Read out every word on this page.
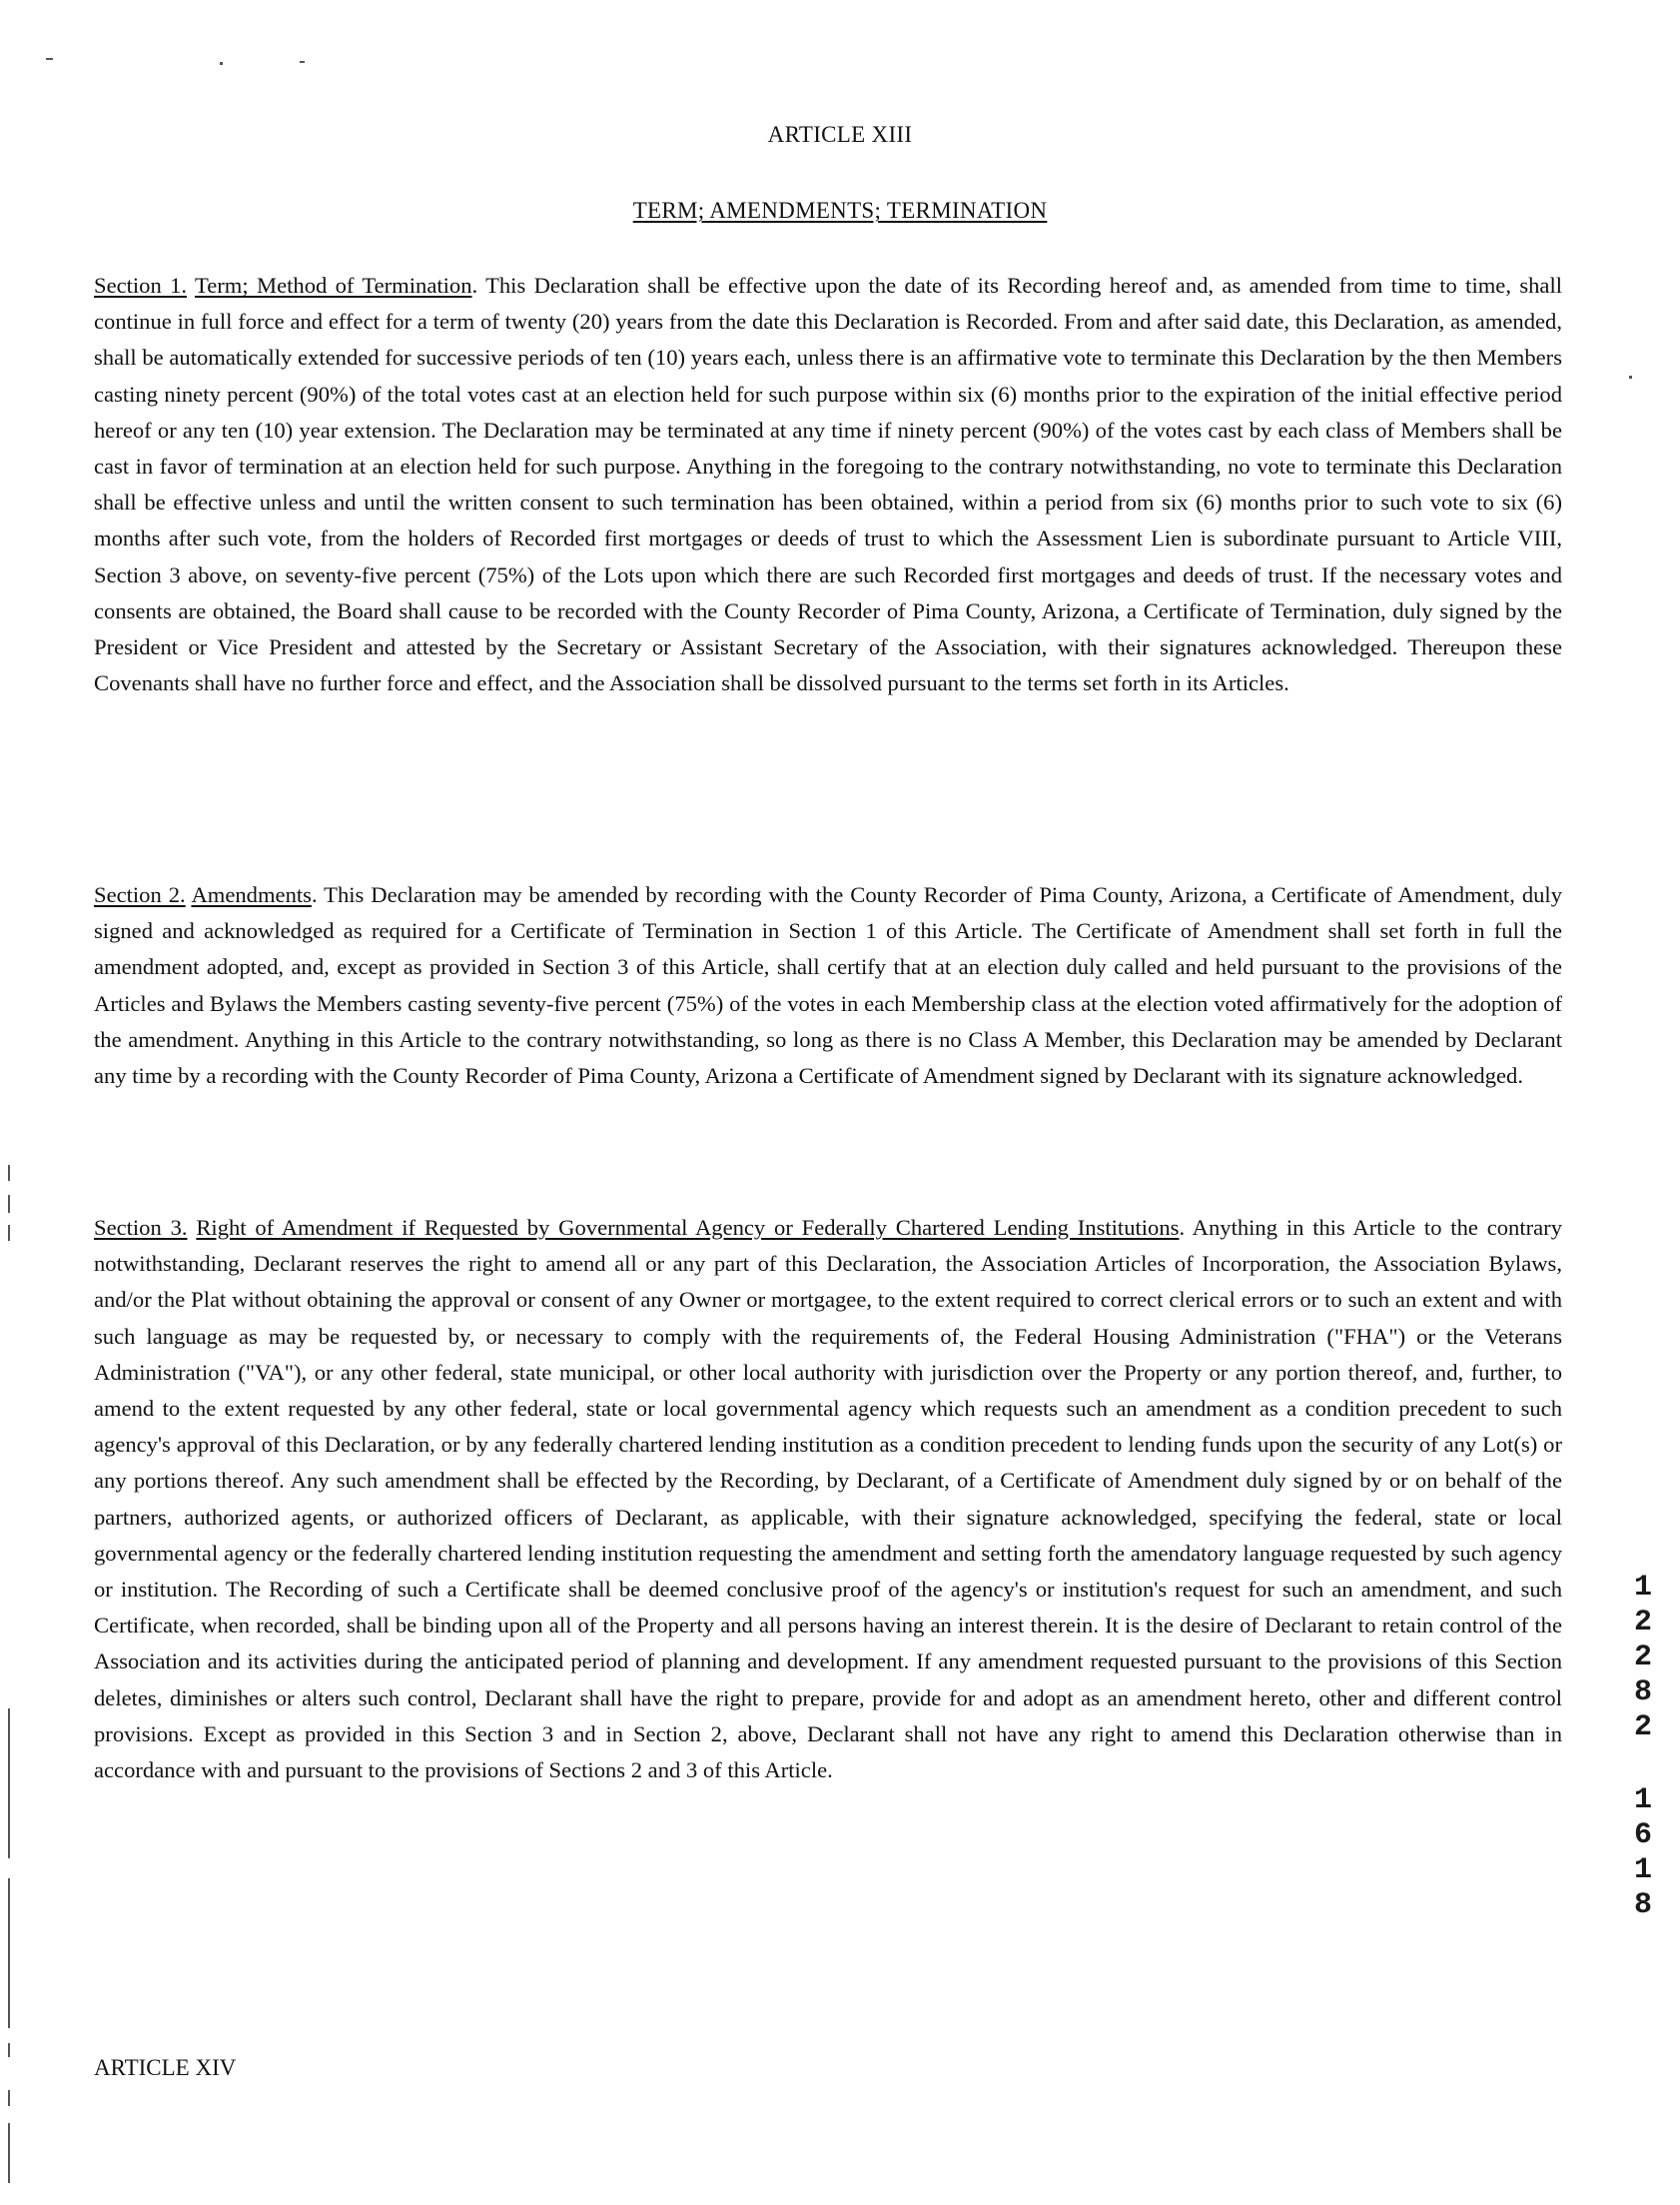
ARTICLE XIII
TERM; AMENDMENTS; TERMINATION
Section 1. Term; Method of Termination. This Declaration shall be effective upon the date of its Recording hereof and, as amended from time to time, shall continue in full force and effect for a term of twenty (20) years from the date this Declaration is Recorded. From and after said date, this Declaration, as amended, shall be automatically extended for successive periods of ten (10) years each, unless there is an affirmative vote to terminate this Declaration by the then Members casting ninety percent (90%) of the total votes cast at an election held for such purpose within six (6) months prior to the expiration of the initial effective period hereof or any ten (10) year extension. The Declaration may be terminated at any time if ninety percent (90%) of the votes cast by each class of Members shall be cast in favor of termination at an election held for such purpose. Anything in the foregoing to the contrary notwithstanding, no vote to terminate this Declaration shall be effective unless and until the written consent to such termination has been obtained, within a period from six (6) months prior to such vote to six (6) months after such vote, from the holders of Recorded first mortgages or deeds of trust to which the Assessment Lien is subordinate pursuant to Article VIII, Section 3 above, on seventy-five percent (75%) of the Lots upon which there are such Recorded first mortgages and deeds of trust. If the necessary votes and consents are obtained, the Board shall cause to be recorded with the County Recorder of Pima County, Arizona, a Certificate of Termination, duly signed by the President or Vice President and attested by the Secretary or Assistant Secretary of the Association, with their signatures acknowledged. Thereupon these Covenants shall have no further force and effect, and the Association shall be dissolved pursuant to the terms set forth in its Articles.
Section 2. Amendments. This Declaration may be amended by recording with the County Recorder of Pima County, Arizona, a Certificate of Amendment, duly signed and acknowledged as required for a Certificate of Termination in Section 1 of this Article. The Certificate of Amendment shall set forth in full the amendment adopted, and, except as provided in Section 3 of this Article, shall certify that at an election duly called and held pursuant to the provisions of the Articles and Bylaws the Members casting seventy-five percent (75%) of the votes in each Membership class at the election voted affirmatively for the adoption of the amendment. Anything in this Article to the contrary notwithstanding, so long as there is no Class A Member, this Declaration may be amended by Declarant any time by a recording with the County Recorder of Pima County, Arizona a Certificate of Amendment signed by Declarant with its signature acknowledged.
Section 3. Right of Amendment if Requested by Governmental Agency or Federally Chartered Lending Institutions. Anything in this Article to the contrary notwithstanding, Declarant reserves the right to amend all or any part of this Declaration, the Association Articles of Incorporation, the Association Bylaws, and/or the Plat without obtaining the approval or consent of any Owner or mortgagee, to the extent required to correct clerical errors or to such an extent and with such language as may be requested by, or necessary to comply with the requirements of, the Federal Housing Administration ("FHA") or the Veterans Administration ("VA"), or any other federal, state municipal, or other local authority with jurisdiction over the Property or any portion thereof, and, further, to amend to the extent requested by any other federal, state or local governmental agency which requests such an amendment as a condition precedent to such agency's approval of this Declaration, or by any federally chartered lending institution as a condition precedent to lending funds upon the security of any Lot(s) or any portions thereof. Any such amendment shall be effected by the Recording, by Declarant, of a Certificate of Amendment duly signed by or on behalf of the partners, authorized agents, or authorized officers of Declarant, as applicable, with their signature acknowledged, specifying the federal, state or local governmental agency or the federally chartered lending institution requesting the amendment and setting forth the amendatory language requested by such agency or institution. The Recording of such a Certificate shall be deemed conclusive proof of the agency's or institution's request for such an amendment, and such Certificate, when recorded, shall be binding upon all of the Property and all persons having an interest therein. It is the desire of Declarant to retain control of the Association and its activities during the anticipated period of planning and development. If any amendment requested pursuant to the provisions of this Section deletes, diminishes or alters such control, Declarant shall have the right to prepare, provide for and adopt as an amendment hereto, other and different control provisions. Except as provided in this Section 3 and in Section 2, above, Declarant shall not have any right to amend this Declaration otherwise than in accordance with and pursuant to the provisions of Sections 2 and 3 of this Article.
ARTICLE XIV
1
2
2
8
2
1
6
1
8
